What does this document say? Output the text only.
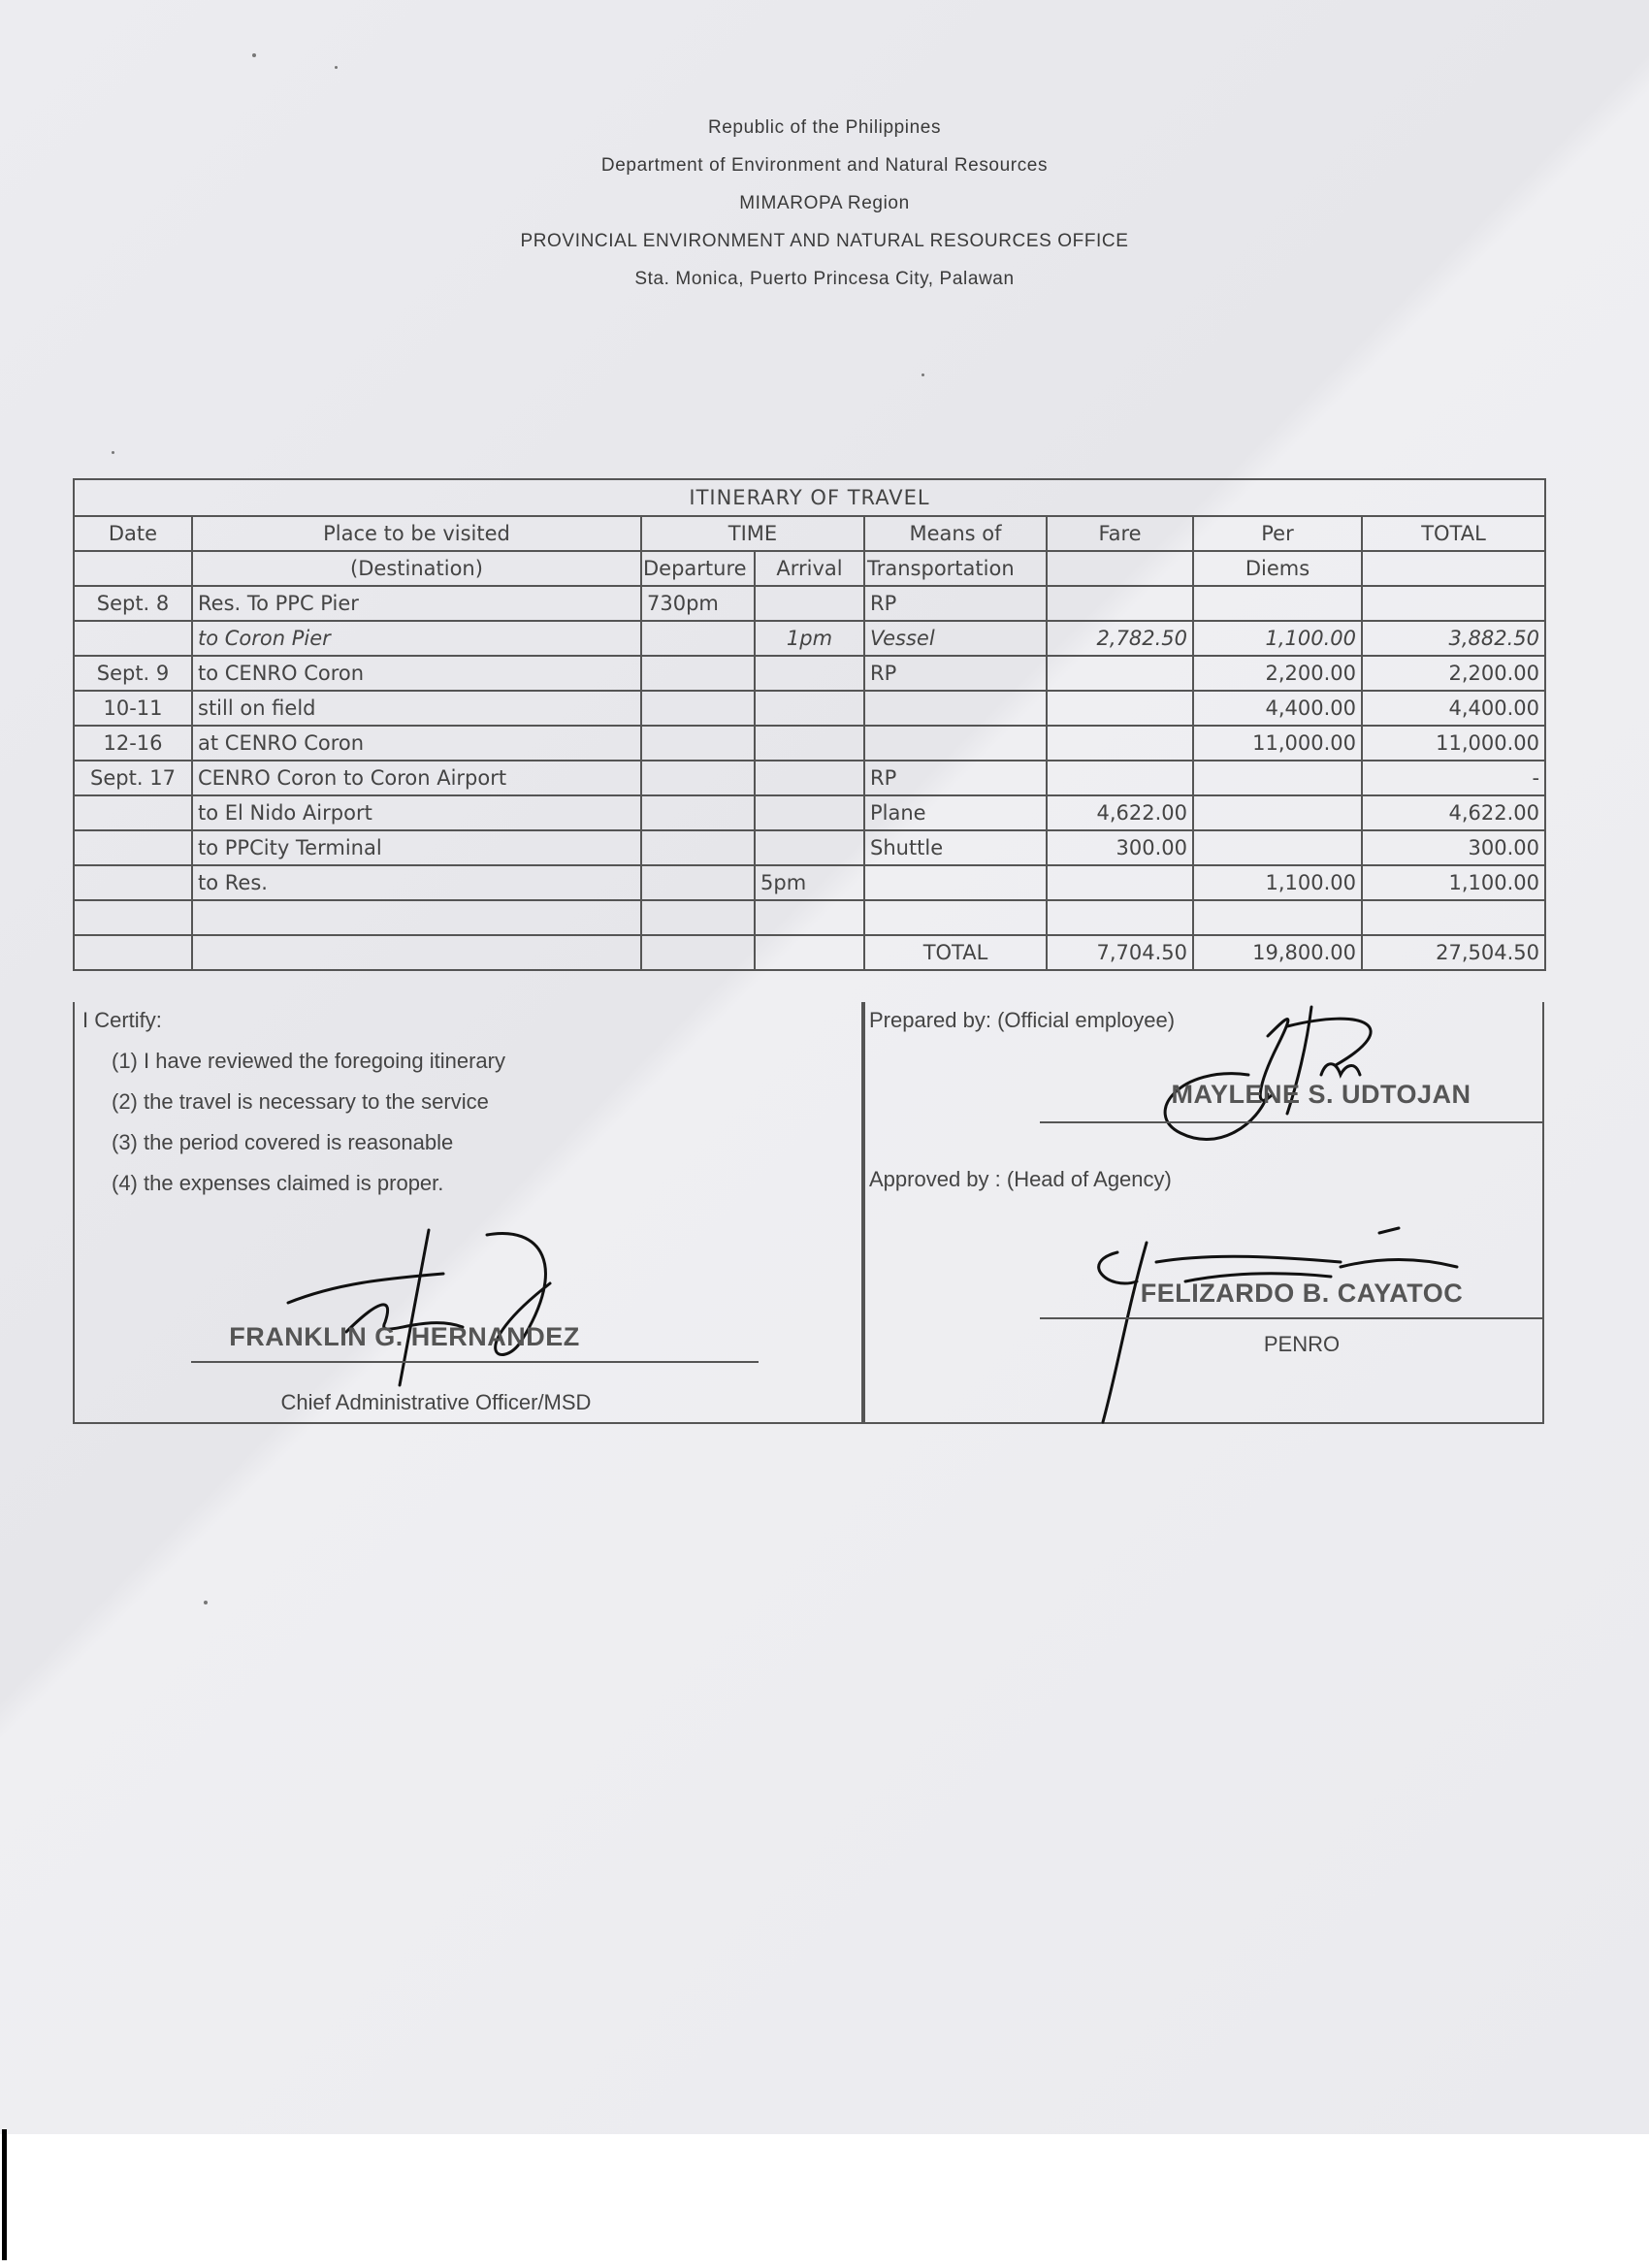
Republic of the Philippines
Department of Environment and Natural Resources
MIMAROPA Region
PROVINCIAL ENVIRONMENT AND NATURAL RESOURCES OFFICE
Sta. Monica, Puerto Princesa City, Palawan
ITINERARY OF TRAVEL							
Date	Place to be visited	TIME		Means of	Fare	Per	TOTAL
	(Destination)	Departure	Arrival	Transportation		Diems	
Sept. 8	Res. To PPC Pier	730pm		RP			
	to Coron Pier		1pm	Vessel	2,782.50	1,100.00	3,882.50
Sept. 9	to CENRO Coron			RP		2,200.00	2,200.00
10-11	still on field					4,400.00	4,400.00
12-16	at CENRO Coron					11,000.00	11,000.00
Sept. 17	CENRO Coron to Coron Airport			RP			-
	to El Nido Airport			Plane	4,622.00		4,622.00
	to PPCity Terminal			Shuttle	300.00		300.00
	to Res.		5pm			1,100.00	1,100.00

				TOTAL	7,704.50	19,800.00	27,504.50
I Certify:
(1) I have reviewed the foregoing itinerary
(2) the travel is necessary to the service
(3) the period covered is reasonable
(4) the expenses claimed is proper.
FRANKLIN G. HERNANDEZ
Chief Administrative Officer/MSD
Prepared by: (Official employee)
MAYLENE S. UDTOJAN
Approved by : (Head of Agency)
FELIZARDO B. CAYATOC
PENRO
